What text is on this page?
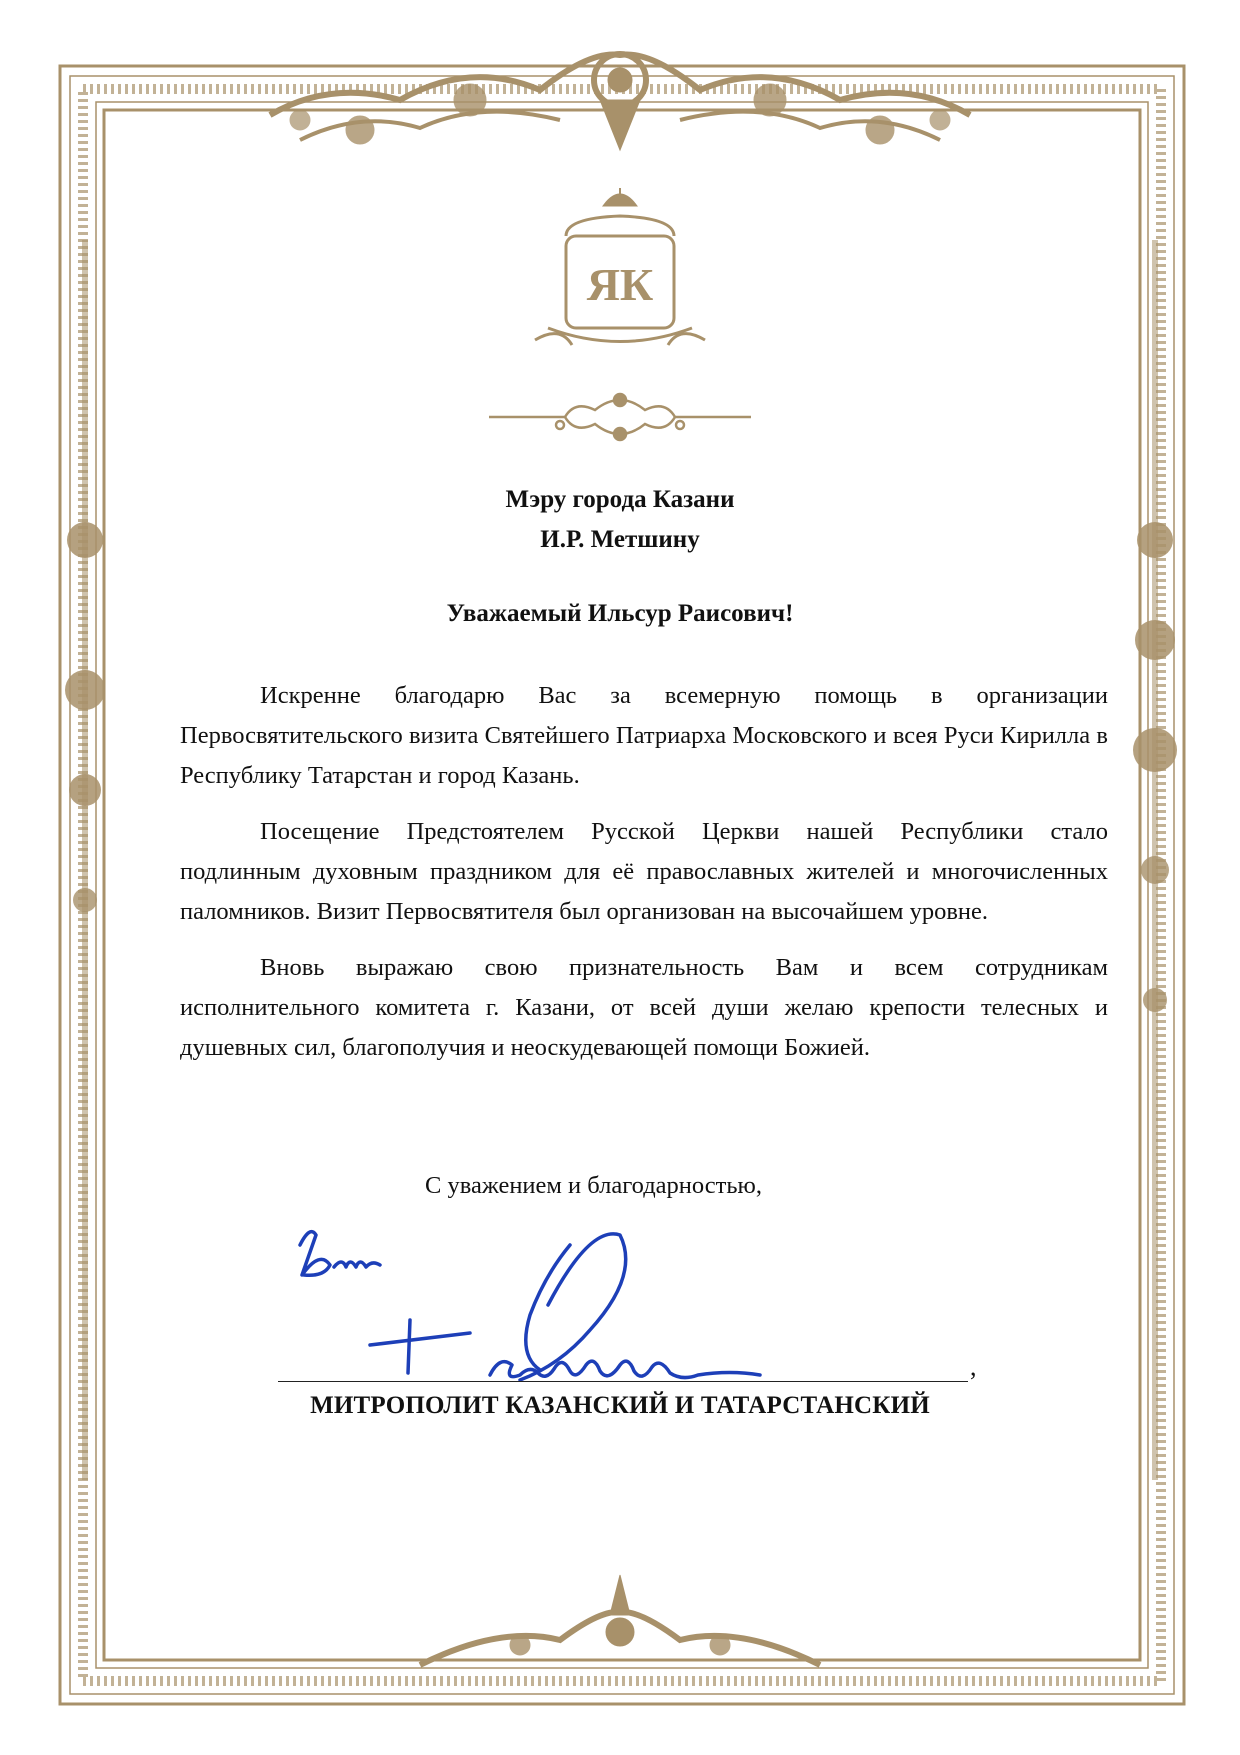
ЯК
Мэру города Казани
И.Р. Метшину
Уважаемый Ильсур Раисович!

Искренне благодарю Вас за всемерную помощь в организации Первосвятительского визита Святейшего Патриарха Московского и всея Руси Кирилла в Республику Татарстан и город Казань.

Посещение Предстоятелем Русской Церкви нашей Республики стало подлинным духовным праздником для её православных жителей и многочисленных паломников. Визит Первосвятителя был организован на высочайшем уровне.

Вновь выражаю свою признательность Вам и всем сотрудникам исполнительного комитета г. Казани, от всей души желаю крепости телесных и душевных сил, благополучия и неоскудевающей помощи Божией.

С уважением и благодарностью,
,
МИТРОПОЛИТ КАЗАНСКИЙ И ТАТАРСТАНСКИЙ
